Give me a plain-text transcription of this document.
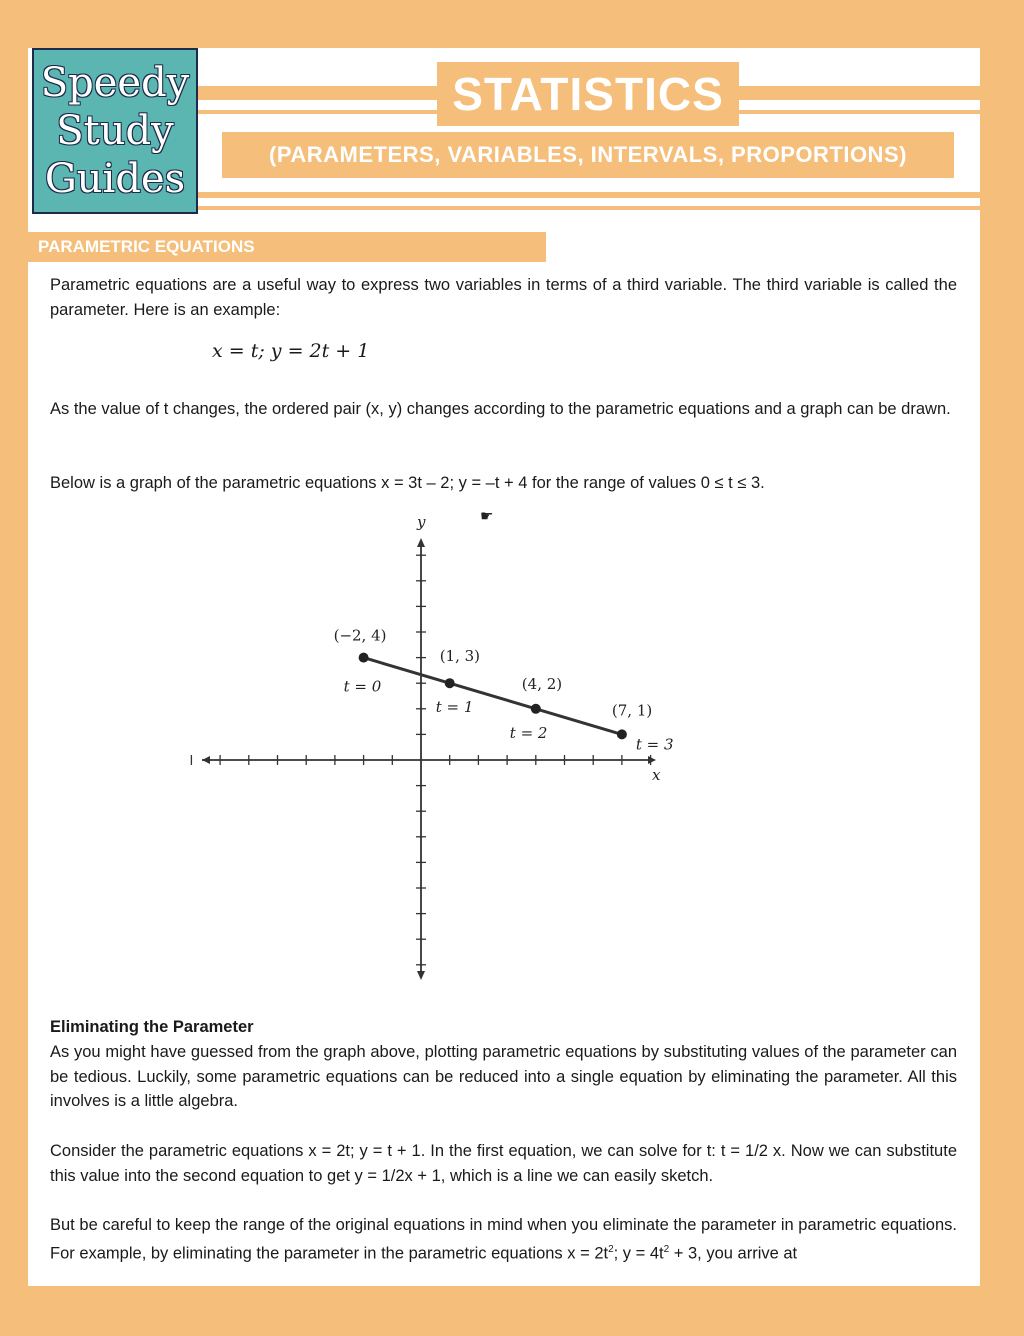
Speedy
Study
Guides
STATISTICS
(PARAMETERS, VARIABLES, INTERVALS, PROPORTIONS)
PARAMETRIC EQUATIONS
Parametric equations are a useful way to express two variables in terms of a third variable. The third variable is called the parameter. Here is an example:
x = t; y = 2t + 1
As the value of t changes, the ordered pair (x, y) changes according to the parametric equations and a graph can be drawn.
Below is a graph of the parametric equations x = 3t – 2; y = –t + 4 for the range of values 0 ≤ t ≤ 3.
y
x
☛
(−2, 4)
t = 0
(1, 3)
t = 1
(4, 2)
t = 2
(7, 1)
t = 3
Eliminating the Parameter
As you might have guessed from the graph above, plotting parametric equations by substituting values of the parameter can be tedious. Luckily, some parametric equations can be reduced into a single equation by eliminating the parameter. All this involves is a little algebra.
Consider the parametric equations x = 2t; y = t + 1. In the first equation, we can solve for t: t = 1/2 x. Now we can substitute this value into the second equation to get y = 1/2x + 1, which is a line we can easily sketch.
But be careful to keep the range of the original equations in mind when you eliminate the parameter in parametric equations. For example, by eliminating the parameter in the parametric equations $x = 2t^2$; $y = 4t^2 + 3$, you arrive at
